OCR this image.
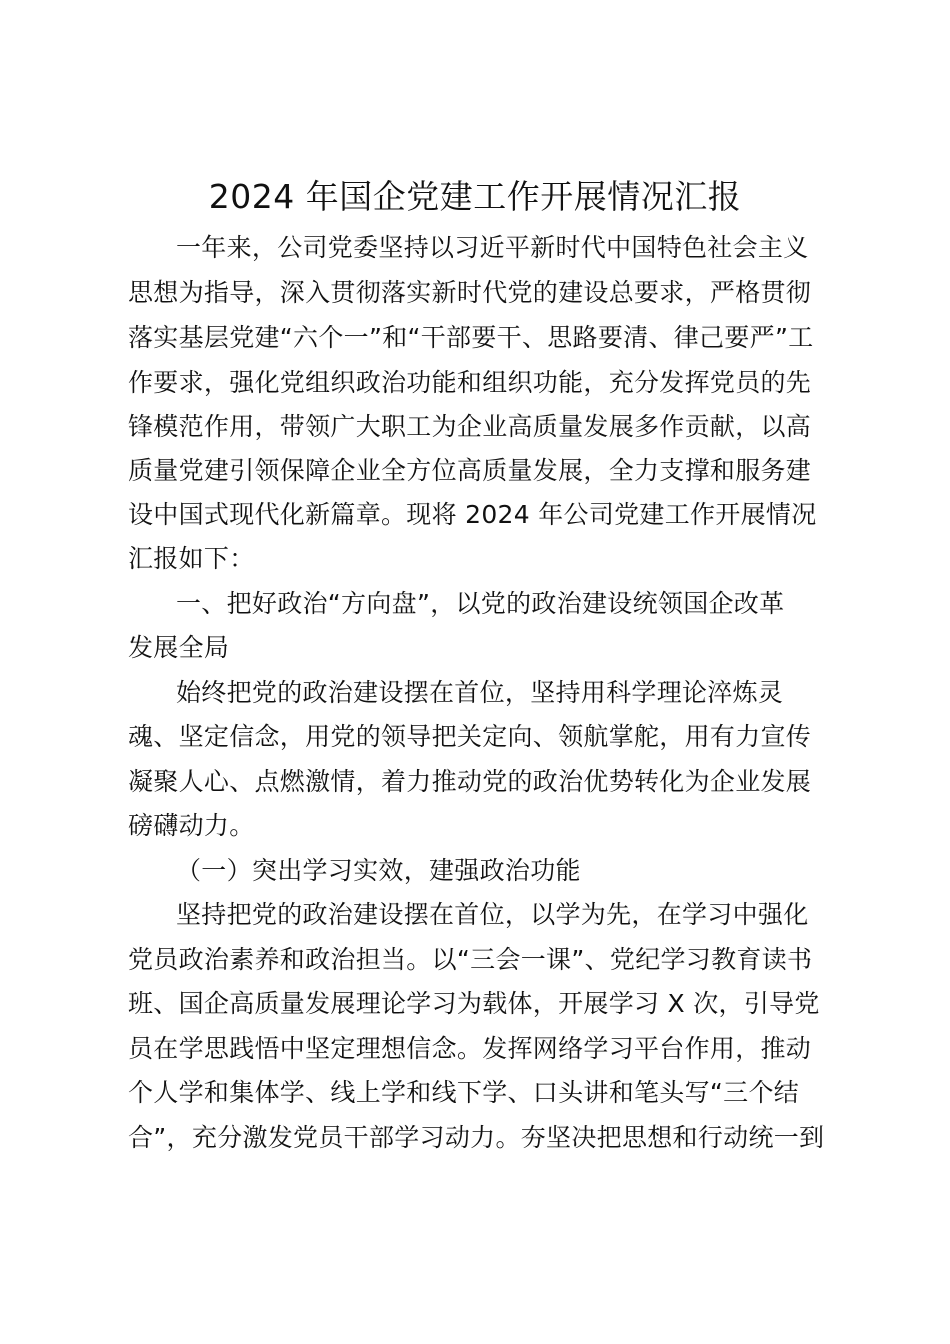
2024 年国企党建工作开展情况汇报
一年来，公司党委坚持以习近平新时代中国特色社会主义
思想为指导，深入贯彻落实新时代党的建设总要求，严格贯彻
落实基层党建“六个一”和“干部要干、思路要清、律己要严”工
作要求，强化党组织政治功能和组织功能，充分发挥党员的先
锋模范作用，带领广大职工为企业高质量发展多作贡献，以高
质量党建引领保障企业全方位高质量发展，全力支撑和服务建
设中国式现代化新篇章。现将 2024 年公司党建工作开展情况
汇报如下：
一、把好政治“方向盘”，以党的政治建设统领国企改革
发展全局
始终把党的政治建设摆在首位，坚持用科学理论淬炼灵
魂、坚定信念，用党的领导把关定向、领航掌舵，用有力宣传
凝聚人心、点燃激情，着力推动党的政治优势转化为企业发展
磅礴动力。
（一）突出学习实效，建强政治功能
坚持把党的政治建设摆在首位，以学为先，在学习中强化
党员政治素养和政治担当。以“三会一课”、党纪学习教育读书
班、国企高质量发展理论学习为载体，开展学习 X 次，引导党
员在学思践悟中坚定理想信念。发挥网络学习平台作用，推动
个人学和集体学、线上学和线下学、口头讲和笔头写“三个结
合”，充分激发党员干部学习动力。夯坚决把思想和行动统一到
